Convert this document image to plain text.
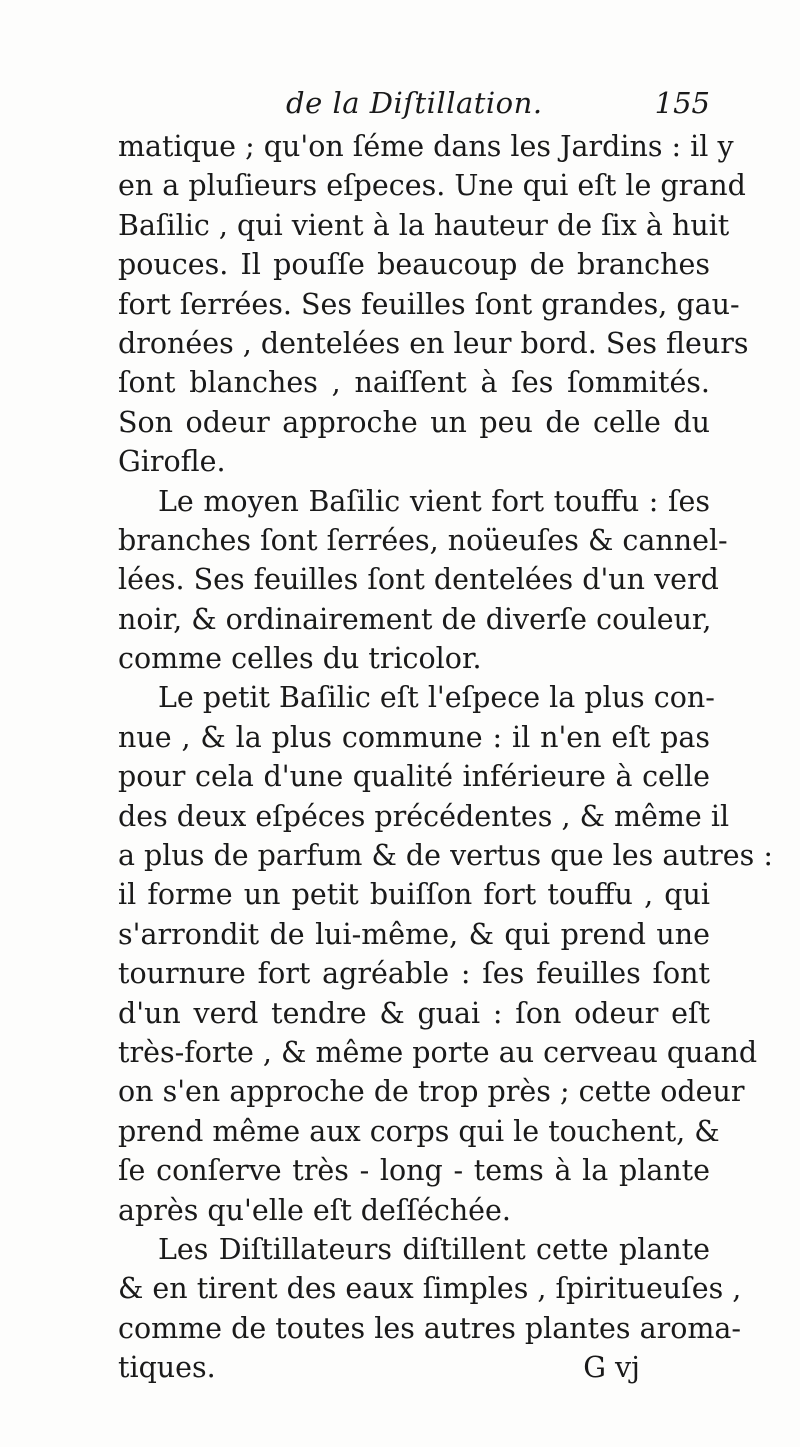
de la Diſtillation.	155
matique ; qu'on ſéme dans les Jardins : il y
en a pluſieurs eſpeces. Une qui eſt le grand
Baſilic , qui vient à la hauteur de ſix à huit
pouces. Il pouſſe beaucoup de branches
fort ſerrées. Ses feuilles ſont grandes, gau-
dronées , dentelées en leur bord. Ses fleurs
ſont blanches , naiſſent à ſes ſommités.
Son odeur approche un peu de celle du
Girofle.
Le moyen Baſilic vient fort touffu : ſes
branches ſont ſerrées, noüeuſes & cannel-
lées. Ses feuilles ſont dentelées d'un verd
noir, & ordinairement de diverſe couleur,
comme celles du tricolor.
Le petit Baſilic eſt l'eſpece la plus con-
nue , & la plus commune : il n'en eſt pas
pour cela d'une qualité inférieure à celle
des deux eſpéces précédentes , & même il
a plus de parfum & de vertus que les autres :
il forme un petit buiſſon fort touffu , qui
s'arrondit de lui-même, & qui prend une
tournure fort agréable : ſes feuilles ſont
d'un verd tendre & guai : ſon odeur eſt
très-forte , & même porte au cerveau quand
on s'en approche de trop près ; cette odeur
prend même aux corps qui le touchent, &
ſe conſerve très - long - tems à la plante
après qu'elle eſt deſſéchée.
Les Diſtillateurs diſtillent cette plante
& en tirent des eaux ſimples , ſpiritueuſes ,
comme de toutes les autres plantes aroma-
tiques.	G vj
